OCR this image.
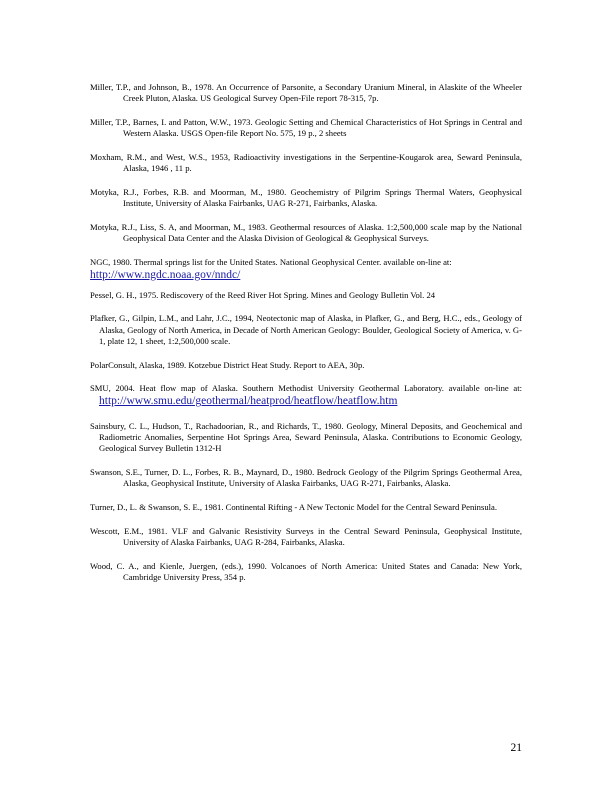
Miller, T.P., and Johnson, B., 1978. An Occurrence of Parsonite, a Secondary Uranium Mineral, in Alaskite of the Wheeler Creek Pluton, Alaska. US Geological Survey Open-File report 78-315, 7p.

Miller, T.P., Barnes, I. and Patton, W.W., 1973. Geologic Setting and Chemical Characteristics of Hot Springs in Central and Western Alaska. USGS Open-file Report No. 575, 19 p., 2 sheets

Moxham, R.M., and West, W.S., 1953, Radioactivity investigations in the Serpentine-Kougarok area, Seward Peninsula, Alaska, 1946 , 11 p.

Motyka, R.J., Forbes, R.B. and Moorman, M., 1980. Geochemistry of Pilgrim Springs Thermal Waters, Geophysical Institute, University of Alaska Fairbanks, UAG R-271, Fairbanks, Alaska.

Motyka, R.J., Liss, S. A, and Moorman, M., 1983. Geothermal resources of Alaska. 1:2,500,000 scale map by the National Geophysical Data Center and the Alaska Division of Geological & Geophysical Surveys.

NGC, 1980. Thermal springs list for the United States. National Geophysical Center. available on-line at:
http://www.ngdc.noaa.gov/nndc/

Pessel, G. H., 1975. Rediscovery of the Reed River Hot Spring. Mines and Geology Bulletin Vol. 24

Plafker, G., Gilpin, L.M., and Lahr, J.C., 1994, Neotectonic map of Alaska, in Plafker, G., and Berg, H.C., eds., Geology of Alaska, Geology of North America, in Decade of North American Geology: Boulder, Geological Society of America, v. G-1, plate 12, 1 sheet, 1:2,500,000 scale.

PolarConsult, Alaska, 1989. Kotzebue District Heat Study. Report to AEA, 30p.

SMU, 2004. Heat flow map of Alaska. Southern Methodist University Geothermal Laboratory. available on-line at: http://www.smu.edu/geothermal/heatprod/heatflow/heatflow.htm

Sainsbury, C. L., Hudson, T., Rachadoorian, R., and Richards, T., 1980. Geology, Mineral Deposits, and Geochemical and Radiometric Anomalies, Serpentine Hot Springs Area, Seward Peninsula, Alaska. Contributions to Economic Geology, Geological Survey Bulletin 1312-H

Swanson, S.E., Turner, D. L., Forbes, R. B., Maynard, D., 1980. Bedrock Geology of the Pilgrim Springs Geothermal Area, Alaska, Geophysical Institute, University of Alaska Fairbanks, UAG R-271, Fairbanks, Alaska.

Turner, D., L. & Swanson, S. E., 1981. Continental Rifting - A New Tectonic Model for the Central Seward Peninsula.

Wescott, E.M., 1981. VLF and Galvanic Resistivity Surveys in the Central Seward Peninsula, Geophysical Institute, University of Alaska Fairbanks, UAG R-284, Fairbanks, Alaska.

Wood, C. A., and Kienle, Juergen, (eds.), 1990. Volcanoes of North America: United States and Canada: New York, Cambridge University Press, 354 p.

21
